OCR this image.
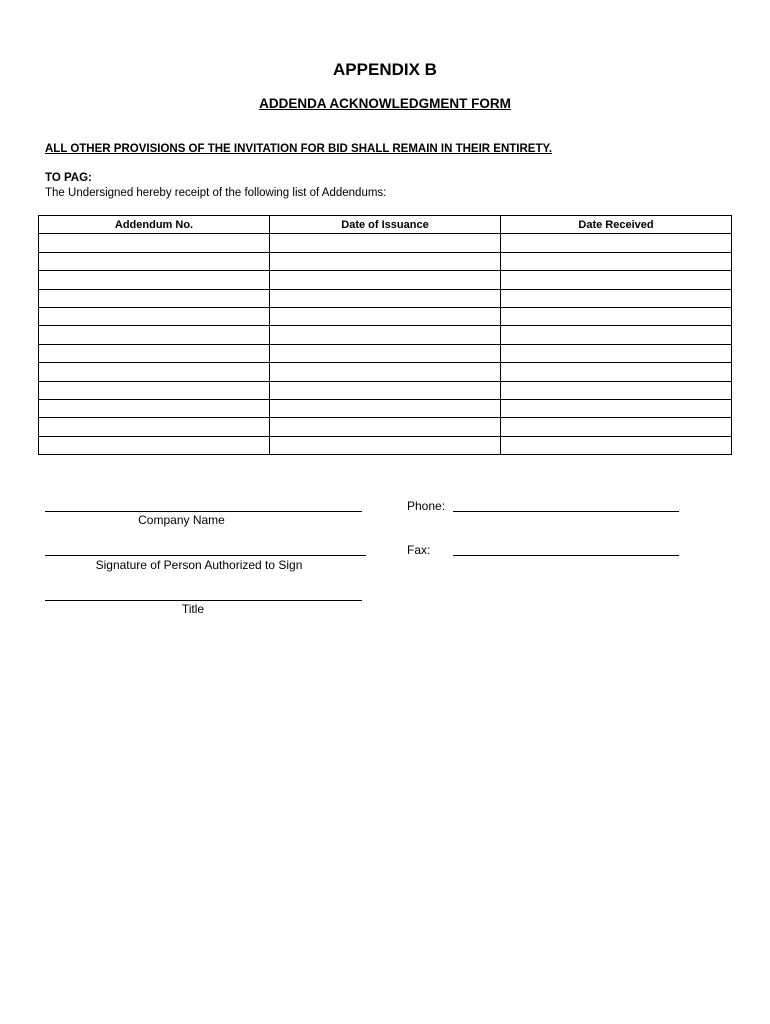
APPENDIX B
ADDENDA ACKNOWLEDGMENT FORM
ALL OTHER PROVISIONS OF THE INVITATION FOR BID SHALL REMAIN IN THEIR ENTIRETY.
TO PAG:
The Undersigned hereby receipt of the following list of Addendums:
Addendum No.	Date of Issuance	Date Received

Company Name
Signature of Person Authorized to Sign
Title
Phone:
Fax:
